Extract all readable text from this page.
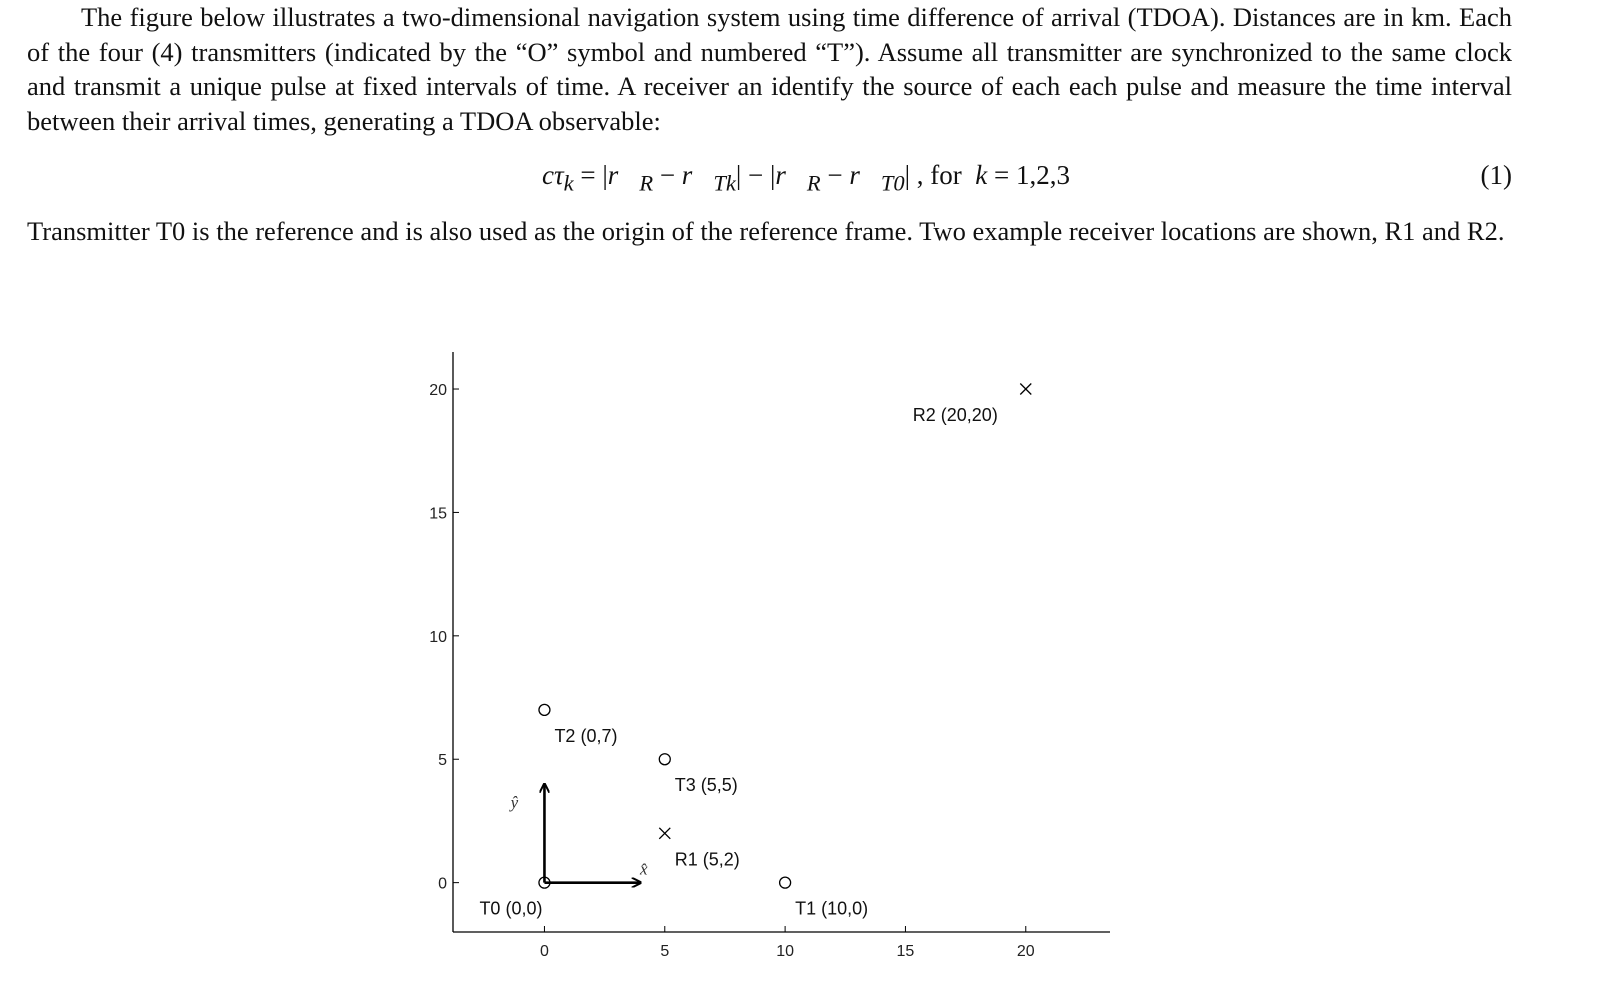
The figure below illustrates a two-dimensional navigation system using time difference of arrival (TDOA). Distances are in km. Each of the four (4) transmitters (indicated by the “O” symbol and numbered “T”). Assume all transmitter are synchronized to the same clock and transmit a unique pulse at fixed intervals of time. A receiver an identify the source of each each pulse and measure the time interval between their arrival times, generating a TDOA observable:

$c\tau_k$ = $|r⃗_R$ − $r⃗_{Tk}|$ − $|r⃗_R$ − $r⃗_{T0}|$ , for k = 1,2,3	(1)

Transmitter T0 is the reference and is also used as the origin of the reference frame. Two example receiver locations are shown, R1 and R2.

0	5	10	15	20
0
5
10
15
20
x̂
ŷ
T0 (0,0)	T1 (10,0)
T2 (0,7)
T3 (5,5)
R1 (5,2)
R2 (20,20)
